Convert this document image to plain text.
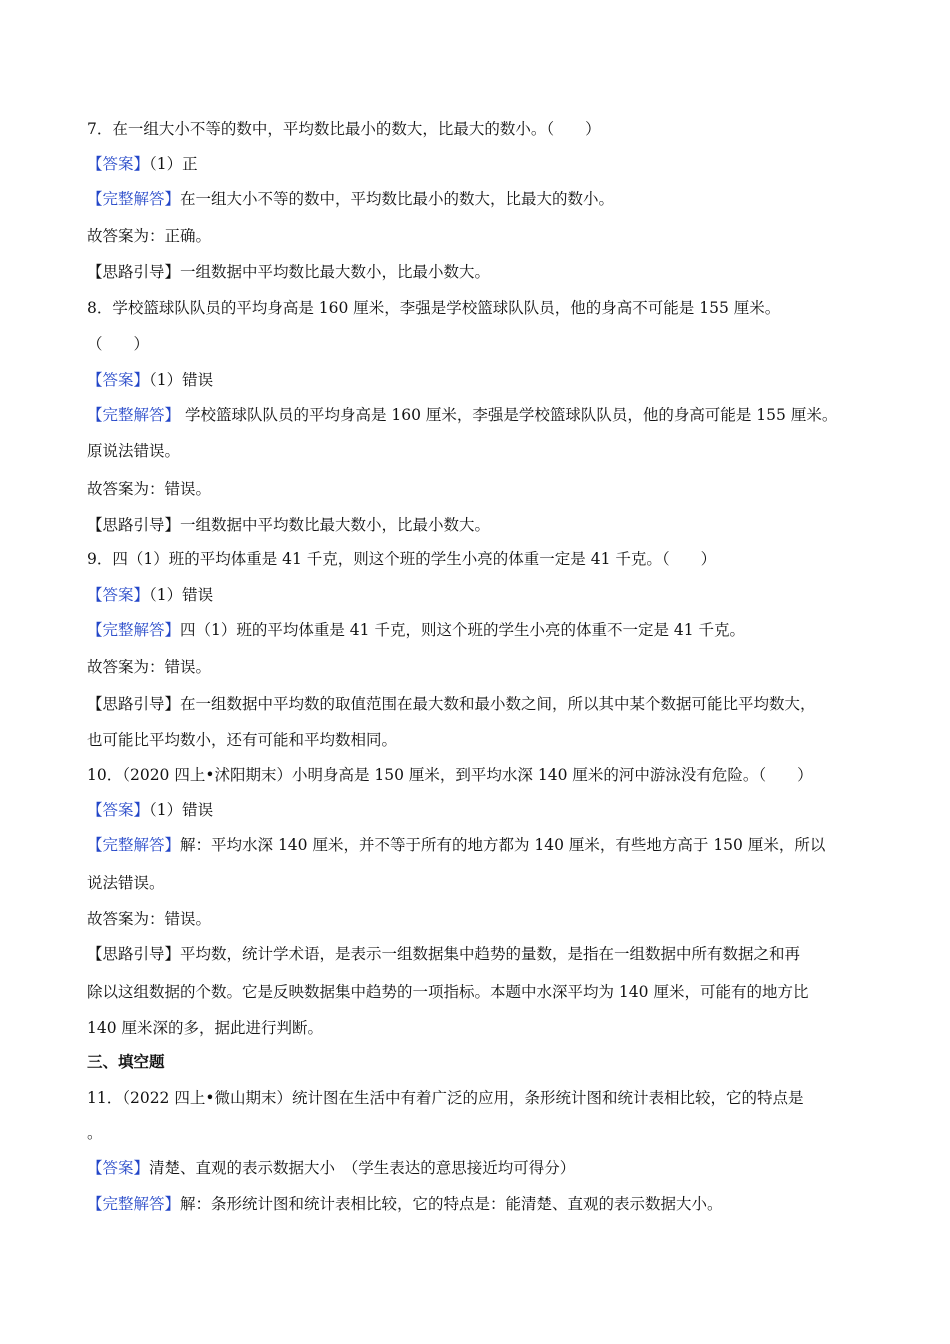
7．在一组大小不等的数中，平均数比最小的数大，比最大的数小。（　　）
【答案】（1）正
【完整解答】在一组大小不等的数中，平均数比最小的数大，比最大的数小。
故答案为：正确。
【思路引导】一组数据中平均数比最大数小，比最小数大。
8．学校篮球队队员的平均身高是 160 厘米，李强是学校篮球队队员，他的身高不可能是 155 厘米。
（　　）
【答案】（1）错误
【完整解答】 学校篮球队队员的平均身高是 160 厘米，李强是学校篮球队队员，他的身高可能是 155 厘米。
原说法错误。
故答案为：错误。
【思路引导】一组数据中平均数比最大数小，比最小数大。
9．四（1）班的平均体重是 41 千克，则这个班的学生小亮的体重一定是 41 千克。（　　）
【答案】（1）错误
【完整解答】四（1）班的平均体重是 41 千克，则这个班的学生小亮的体重不一定是 41 千克。
故答案为：错误。
【思路引导】在一组数据中平均数的取值范围在最大数和最小数之间，所以其中某个数据可能比平均数大，
也可能比平均数小，还有可能和平均数相同。
10．（2020 四上•沭阳期末）小明身高是 150 厘米，到平均水深 140 厘米的河中游泳没有危险。（　　）
【答案】（1）错误
【完整解答】解：平均水深 140 厘米，并不等于所有的地方都为 140 厘米，有些地方高于 150 厘米，所以
说法错误。
故答案为：错误。
【思路引导】平均数，统计学术语，是表示一组数据集中趋势的量数，是指在一组数据中所有数据之和再
除以这组数据的个数。它是反映数据集中趋势的一项指标。本题中水深平均为 140 厘米，可能有的地方比
140 厘米深的多，据此进行判断。
三、填空题
11．（2022 四上•微山期末）统计图在生活中有着广泛的应用，条形统计图和统计表相比较，它的特点是
。
【答案】清楚、直观的表示数据大小　（学生表达的意思接近均可得分）
【完整解答】解：条形统计图和统计表相比较，它的特点是：能清楚、直观的表示数据大小。
